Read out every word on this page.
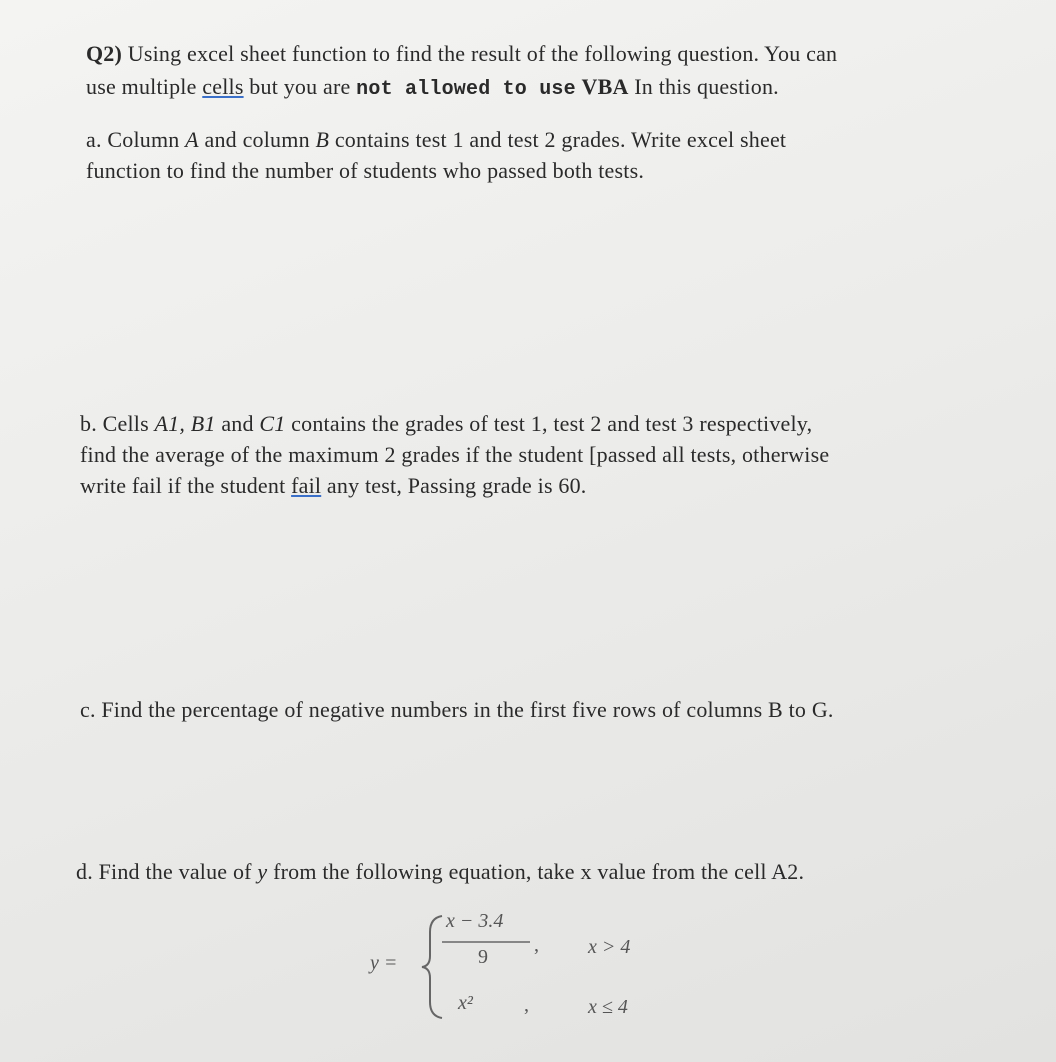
Q2) Using excel sheet function to find the result of the following question. You can
use multiple cells but you are not allowed to use VBA In this question.
a. Column A and column B contains test 1 and test 2 grades. Write excel sheet
function to find the number of students who passed both tests.
b. Cells A1, B1 and C1 contains the grades of test 1, test 2 and test 3 respectively,
find the average of the maximum 2 grades if the student [passed all tests, otherwise
write fail if the student fail any test, Passing grade is 60.
c. Find the percentage of negative numbers in the first five rows of columns B to G.
d. Find the value of y from the following equation, take x value from the cell A2.
y =
x − 3.4
9
, x > 4
x²	,	x ≤ 4
